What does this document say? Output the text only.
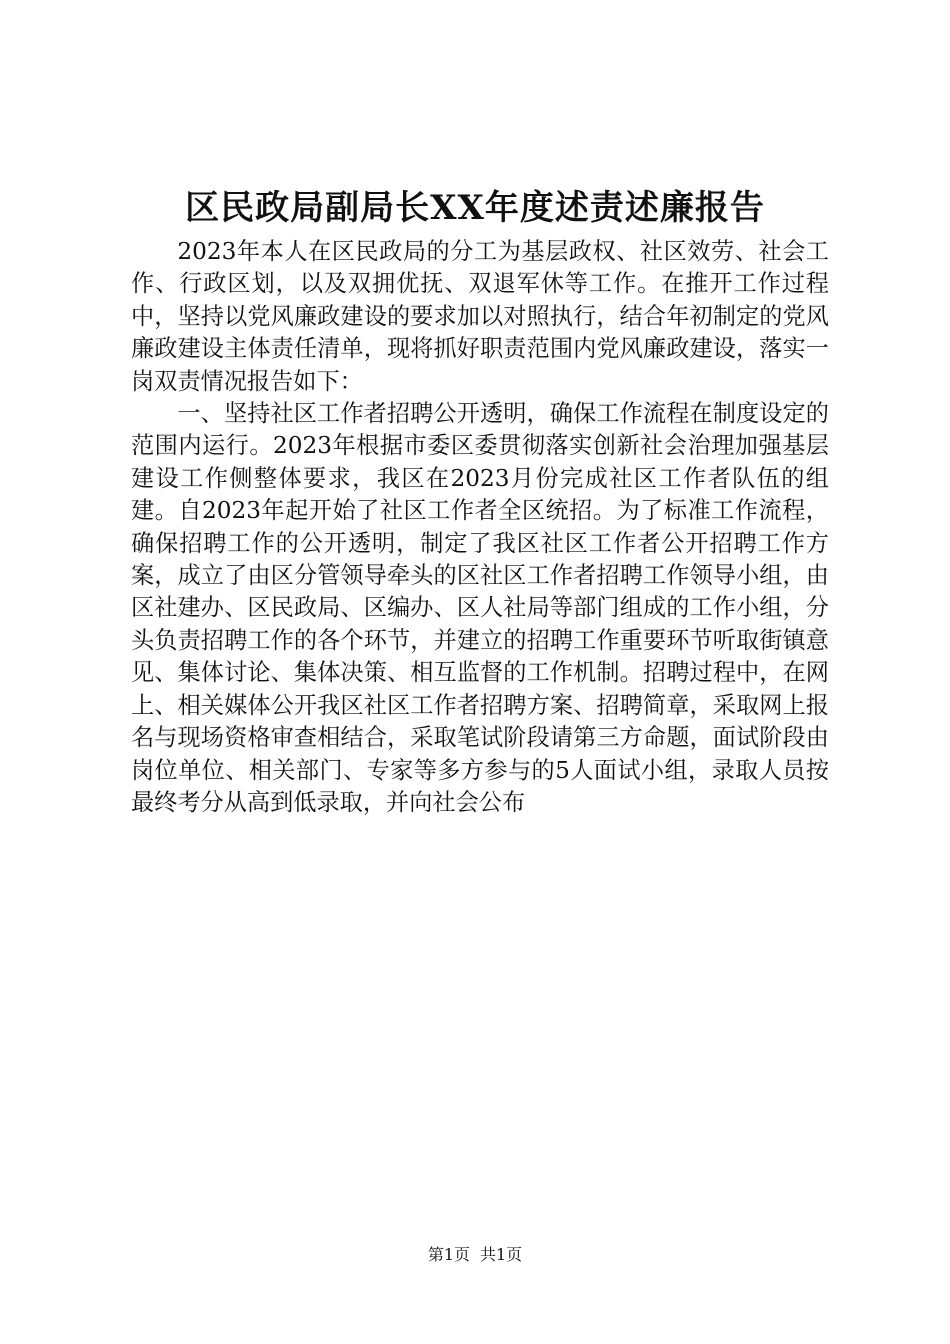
区民政局副局长XX年度述责述廉报告

2023年本人在区民政局的分工为基层政权、社区效劳、社会工作、行政区划，以及双拥优抚、双退军休等工作。在推开工作过程中，坚持以党风廉政建设的要求加以对照执行，结合年初制定的党风廉政建设主体责任清单，现将抓好职责范围内党风廉政建设，落实一岗双责情况报告如下：

一、坚持社区工作者招聘公开透明，确保工作流程在制度设定的范围内运行。2023年根据市委区委贯彻落实创新社会治理加强基层建设工作侧整体要求，我区在2023月份完成社区工作者队伍的组建。自2023年起开始了社区工作者全区统招。为了标准工作流程，确保招聘工作的公开透明，制定了我区社区工作者公开招聘工作方案，成立了由区分管领导牵头的区社区工作者招聘工作领导小组，由区社建办、区民政局、区编办、区人社局等部门组成的工作小组，分头负责招聘工作的各个环节，并建立的招聘工作重要环节听取街镇意见、集体讨论、集体决策、相互监督的工作机制。招聘过程中，在网上、相关媒体公开我区社区工作者招聘方案、招聘简章，采取网上报名与现场资格审查相结合，采取笔试阶段请第三方命题，面试阶段由岗位单位、相关部门、专家等多方参与的5人面试小组，录取人员按最终考分从高到低录取，并向社会公布

第1页 共1页
